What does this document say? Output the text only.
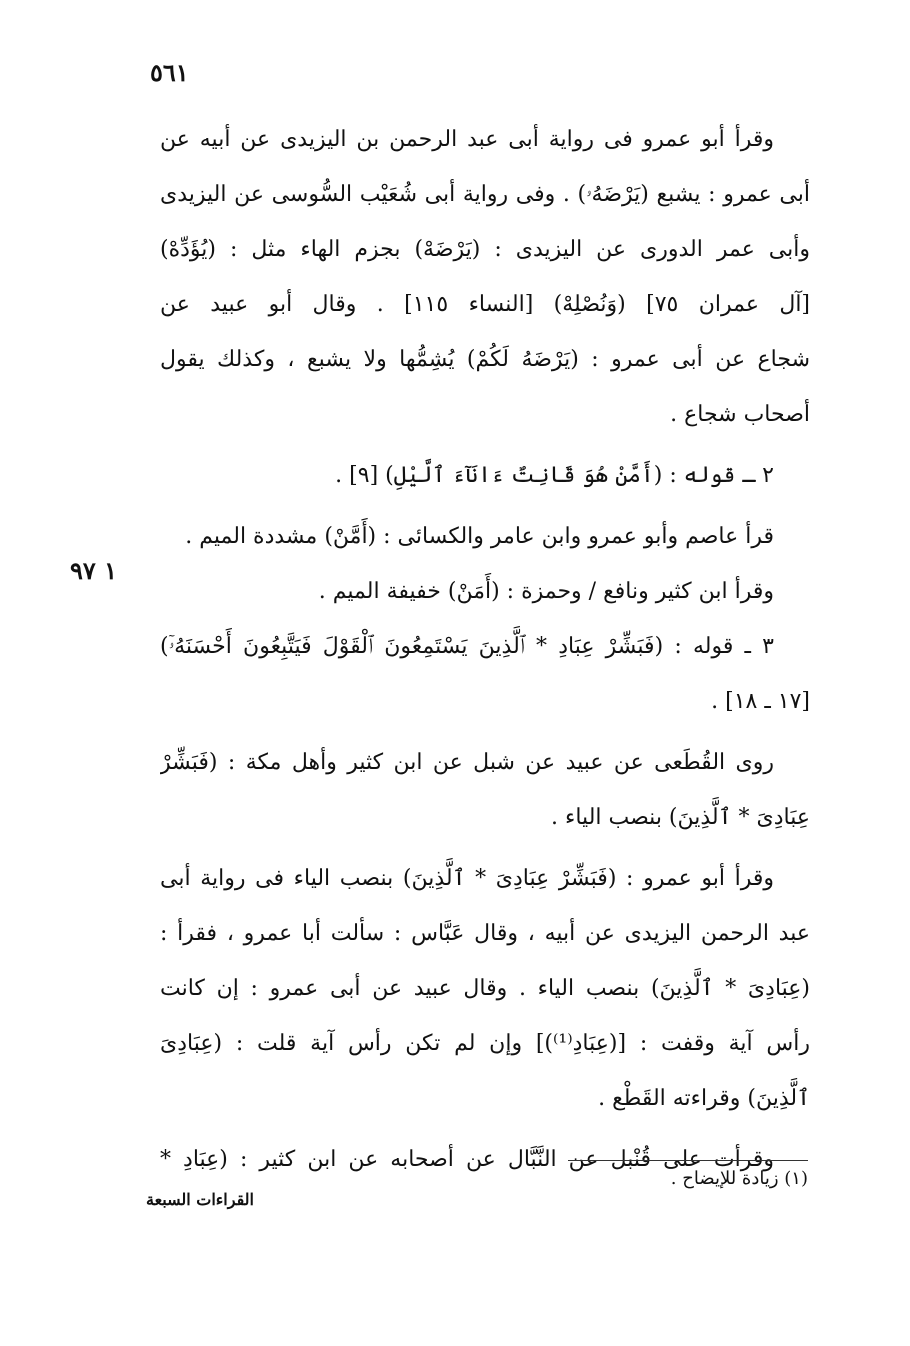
٥٦١
١ ٩٧
وقرأ أبو عمرو فى رواية أبى عبد الرحمن بن اليزيدى عن أبيه عن
أبى عمرو : يشبع (يَرْضَهُۥ) . وفى رواية أبى شُعَيْب السُّوسى عن اليزيدى
وأبى عمر الدورى عن اليزيدى : (يَرْضَهْ) بجزم الهاء مثل : (يُؤَدِّهْ)
[آل عمران ٧٥] (وَنُصْلِهْ) [النساء ١١٥] . وقال أبو عبيد عن
شجاع عن أبى عمرو : (يَرْضَهُ لَكُمْ) يُشِمُّها ولا يشبع ، وكذلك يقول
أصحاب شجاع .
٢ ـ قوله : (أَمَّنْ هُوَ قَانِتٌ ءَانَآءَ ٱلَّيْلِ) [٩] .
قرأ عاصم وأبو عمرو وابن عامر والكسائى : (أَمَّنْ) مشددة الميم .
وقرأ ابن كثير ونافع / وحمزة : (أَمَنْ) خفيفة الميم .
٣ ـ قوله : (فَبَشِّرْ عِبَادِ * ٱلَّذِينَ يَسْتَمِعُونَ ٱلْقَوْلَ فَيَتَّبِعُونَ أَحْسَنَهُۥٓ)
[١٧ ـ ١٨] .
روى القُطَعى عن عبيد عن شبل عن ابن كثير وأهل مكة : (فَبَشِّرْ
عِبَادِىَ * ٱلَّذِينَ) بنصب الياء .
وقرأ أبو عمرو : (فَبَشِّرْ عِبَادِىَ * ٱلَّذِينَ) بنصب الياء فى رواية أبى
عبد الرحمن اليزيدى عن أبيه ، وقال عَبَّاس : سألت أبا عمرو ، فقرأ :
(عِبَادِىَ * ٱلَّذِينَ) بنصب الياء . وقال عبيد عن أبى عمرو : إن كانت
رأس آية وقفت : [(عِبَادِ⁽¹⁾)] وإن لم تكن رأس آية قلت : (عِبَادِىَ
ٱلَّذِينَ) وقراءته القَطْع .
وقرأت على قُنْبل عن النَّبَّال عن أصحابه عن ابن كثير : (عِبَادِ *
(١) زيادة للإيضاح .
القراءات السبعة
